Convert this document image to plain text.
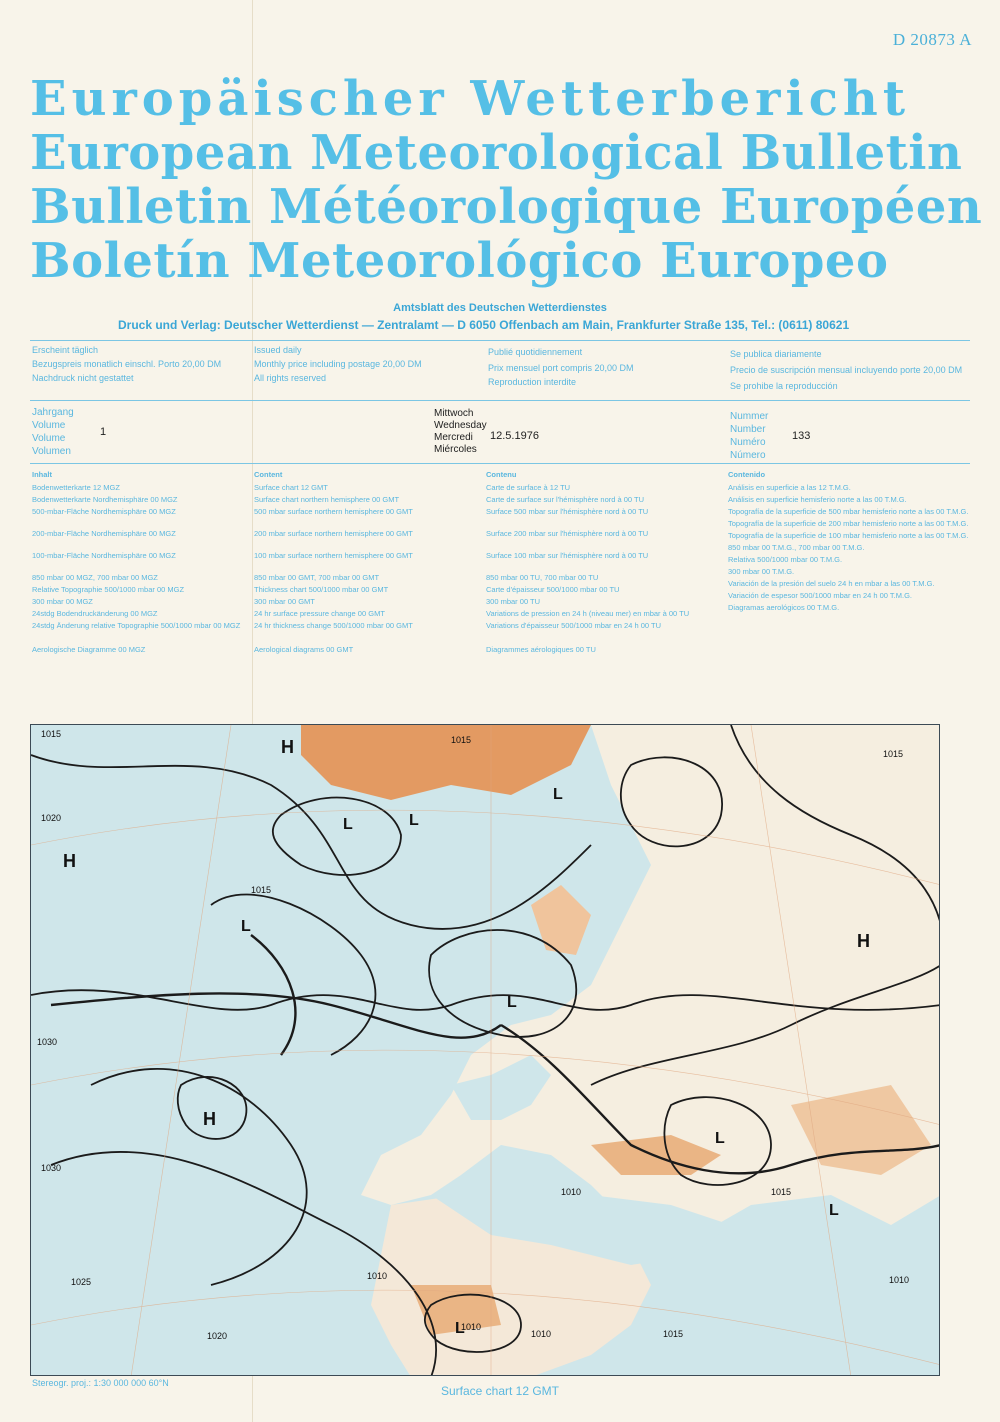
D 20873 A
Europäischer Wetterbericht
European Meteorological Bulletin
Bulletin Météorologique Européen
Boletín Meteorológico Europeo
Amtsblatt des Deutschen Wetterdienstes
Druck und Verlag: Deutscher Wetterdienst — Zentralamt — D 6050 Offenbach am Main, Frankfurter Straße 135, Tel.: (0611) 80621

Erscheint täglich

Bezugspreis monatlich einschl. Porto 20,00 DM

Nachdruck nicht gestattet

Issued daily

Monthly price including postage 20,00 DM

All rights reserved

Publié quotidiennement

Prix mensuel port compris 20,00 DM

Reproduction interdite

Se publica diariamente

Precio de suscripción mensual incluyendo porte 20,00 DM

Se prohibe la reproducción

Jahrgang
Volume
Volume
Volumen
1
Mittwoch
Wednesday
Mercredi
Miércoles
12.5.1976
Nummer
Number
Numéro
Número
133
Inhalt
Bodenwetterkarte 12 MGZ
Bodenwetterkarte Nordhemisphäre 00 MGZ
500-mbar-Fläche Nordhemisphäre 00 MGZ
200-mbar-Fläche Nordhemisphäre 00 MGZ
100-mbar-Fläche Nordhemisphäre 00 MGZ
850 mbar 00 MGZ, 700 mbar 00 MGZ
Relative Topographie 500/1000 mbar 00 MGZ
300 mbar 00 MGZ
24stdg Bodendruckänderung 00 MGZ
24stdg Änderung relative Topographie 500/1000 mbar 00 MGZ
Aerologische Diagramme 00 MGZ
Content
Surface chart 12 GMT
Surface chart northern hemisphere 00 GMT
500 mbar surface northern hemisphere 00 GMT
200 mbar surface northern hemisphere 00 GMT
100 mbar surface northern hemisphere 00 GMT
850 mbar 00 GMT, 700 mbar 00 GMT
Thickness chart 500/1000 mbar 00 GMT
300 mbar 00 GMT
24 hr surface pressure change 00 GMT
24 hr thickness change 500/1000 mbar 00 GMT
Aerological diagrams 00 GMT
Contenu
Carte de surface à 12 TU
Carte de surface sur l'hémisphère nord à 00 TU
Surface 500 mbar sur l'hémisphère nord à 00 TU
Surface 200 mbar sur l'hémisphère nord à 00 TU
Surface 100 mbar sur l'hémisphère nord à 00 TU
850 mbar 00 TU, 700 mbar 00 TU
Carte d'épaisseur 500/1000 mbar 00 TU
300 mbar 00 TU
Variations de pression en 24 h (niveau mer) en mbar à 00 TU
Variations d'épaisseur 500/1000 mbar en 24 h 00 TU
Diagrammes aérologiques 00 TU
Contenido
Análisis en superficie a las 12 T.M.G.
Análisis en superficie hemisferio norte a las 00 T.M.G.
Topografía de la superficie de 500 mbar hemisferio norte a las 00 T.M.G.
Topografía de la superficie de 200 mbar hemisferio norte a las 00 T.M.G.
Topografía de la superficie de 100 mbar hemisferio norte a las 00 T.M.G.
850 mbar 00 T.M.G., 700 mbar 00 T.M.G.
Relativa 500/1000 mbar 00 T.M.G.
300 mbar 00 T.M.G.
Variación de la presión del suelo 24 h en mbar a las 00 T.M.G.
Variación de espesor 500/1000 mbar en 24 h 00 T.M.G.
Diagramas aerológicos 00 T.M.G.
H
H
H
H
L	L
L
L
L
L
L
L
1015
1020
1030
1030
1015
1015
1015
1010
1010
1010	1015
1020
1010
1015
1010
1025
Stereogr. proj.: 1:30 000 000 60°N
Surface chart 12 GMT
